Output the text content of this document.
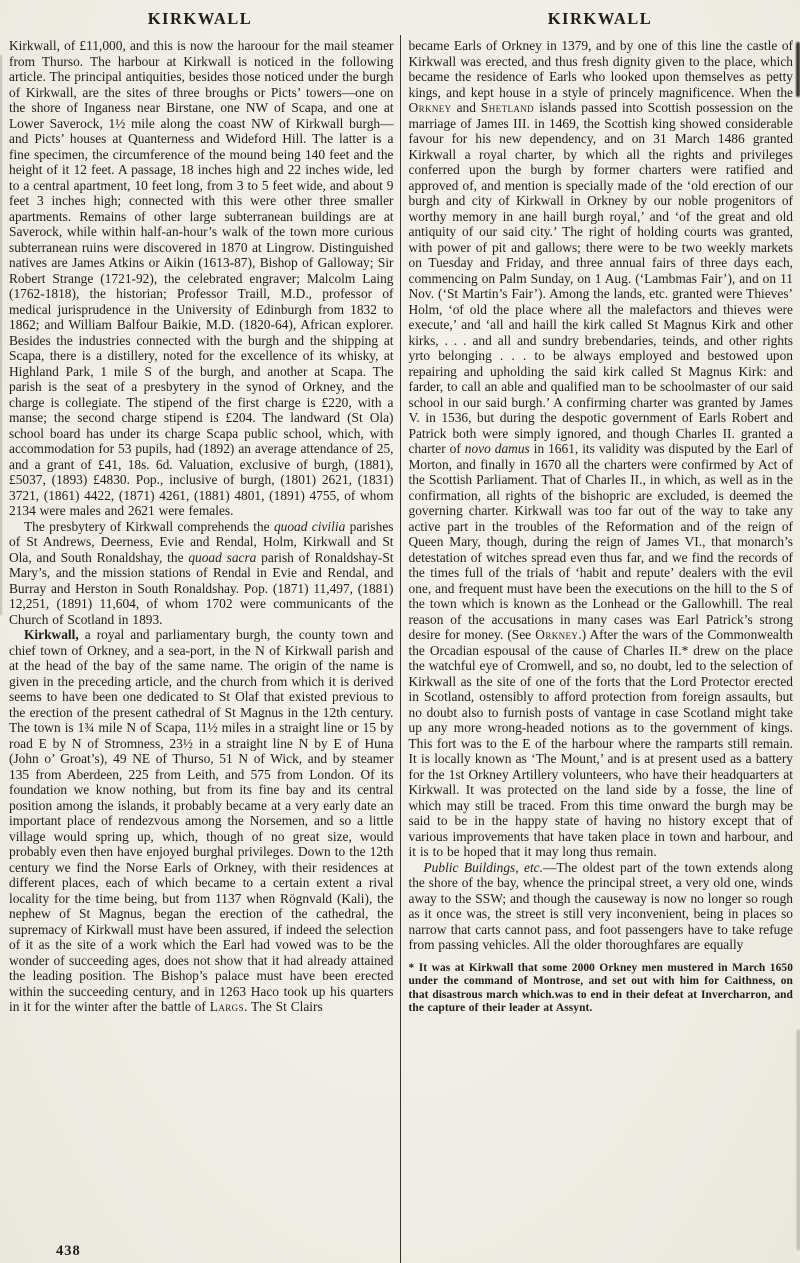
KIRKWALL	KIRKWALL

Kirkwall, of £11,000, and this is now the haroour for the mail steamer from Thurso. The harbour at Kirkwall is noticed in the following article. The principal antiquities, besides those noticed under the burgh of Kirkwall, are the sites of three broughs or Picts’ towers—one on the shore of Inganess near Birstane, one NW of Scapa, and one at Lower Saverock, 1½ mile along the coast NW of Kirkwall burgh—and Picts’ houses at Quanterness and Wideford Hill. The latter is a fine specimen, the circumference of the mound being 140 feet and the height of it 12 feet. A passage, 18 inches high and 22 inches wide, led to a central apartment, 10 feet long, from 3 to 5 feet wide, and about 9 feet 3 inches high; connected with this were other three smaller apartments. Remains of other large subterranean buildings are at Saverock, while within half-an-hour’s walk of the town more curious subterranean ruins were discovered in 1870 at Lingrow. Distinguished natives are James Atkins or Aikin (1613-87), Bishop of Galloway; Sir Robert Strange (1721-92), the celebrated engraver; Malcolm Laing (1762-1818), the historian; Professor Traill, M.D., professor of medical jurisprudence in the University of Edinburgh from 1832 to 1862; and William Balfour Baikie, M.D. (1820-64), African explorer. Besides the industries connected with the burgh and the shipping at Scapa, there is a distillery, noted for the excellence of its whisky, at Highland Park, 1 mile S of the burgh, and another at Scapa. The parish is the seat of a presbytery in the synod of Orkney, and the charge is collegiate. The stipend of the first charge is £220, with a manse; the second charge stipend is £204. The landward (St Ola) school board has under its charge Scapa public school, which, with accommodation for 53 pupils, had (1892) an average attendance of 25, and a grant of £41, 18s. 6d. Valuation, exclusive of burgh, (1881), £5037, (1893) £4830. Pop., inclusive of burgh, (1801) 2621, (1831) 3721, (1861) 4422, (1871) 4261, (1881) 4801, (1891) 4755, of whom 2134 were males and 2621 were females.

The presbytery of Kirkwall comprehends the quoad civilia parishes of St Andrews, Deerness, Evie and Rendal, Holm, Kirkwall and St Ola, and South Ronaldshay, the quoad sacra parish of Ronaldshay-St Mary’s, and the mission stations of Rendal in Evie and Rendal, and Burray and Herston in South Ronaldshay. Pop. (1871) 11,497, (1881) 12,251, (1891) 11,604, of whom 1702 were communicants of the Church of Scotland in 1893.

Kirkwall, a royal and parliamentary burgh, the county town and chief town of Orkney, and a sea-port, in the N of Kirkwall parish and at the head of the bay of the same name. The origin of the name is given in the preceding article, and the church from which it is derived seems to have been one dedicated to St Olaf that existed previous to the erection of the present cathedral of St Magnus in the 12th century. The town is 1¾ mile N of Scapa, 11½ miles in a straight line or 15 by road E by N of Stromness, 23½ in a straight line N by E of Huna (John o’ Groat’s), 49 NE of Thurso, 51 N of Wick, and by steamer 135 from Aberdeen, 225 from Leith, and 575 from London. Of its foundation we know nothing, but from its fine bay and its central position among the islands, it probably became at a very early date an important place of rendezvous among the Norsemen, and so a little village would spring up, which, though of no great size, would probably even then have enjoyed burghal privileges. Down to the 12th century we find the Norse Earls of Orkney, with their residences at different places, each of which became to a certain extent a rival locality for the time being, but from 1137 when Rögnvald (Kali), the nephew of St Magnus, began the erection of the cathedral, the supremacy of Kirkwall must have been assured, if indeed the selection of it as the site of a work which the Earl had vowed was to be the wonder of succeeding ages, does not show that it had already attained the leading position. The Bishop’s palace must have been erected within the succeeding century, and in 1263 Haco took up his quarters in it for the winter after the battle of Largs. The St Clairs

became Earls of Orkney in 1379, and by one of this line the castle of Kirkwall was erected, and thus fresh dignity given to the place, which became the residence of Earls who looked upon themselves as petty kings, and kept house in a style of princely magnificence. When the Orkney and Shetland islands passed into Scottish possession on the marriage of James III. in 1469, the Scottish king showed considerable favour for his new dependency, and on 31 March 1486 granted Kirkwall a royal charter, by which all the rights and privileges conferred upon the burgh by former charters were ratified and approved of, and mention is specially made of the ‘old erection of our burgh and city of Kirkwall in Orkney by our noble progenitors of worthy memory in ane haill burgh royal,’ and ‘of the great and old antiquity of our said city.’ The right of holding courts was granted, with power of pit and gallows; there were to be two weekly markets on Tuesday and Friday, and three annual fairs of three days each, commencing on Palm Sunday, on 1 Aug. (‘Lambmas Fair’), and on 11 Nov. (‘St Martin’s Fair’). Among the lands, etc. granted were Thieves’ Holm, ‘of old the place where all the malefactors and thieves were execute,’ and ‘all and haill the kirk called St Magnus Kirk and other kirks, . . . and all and sundry brebendaries, teinds, and other rights yrto belonging . . . to be always employed and bestowed upon repairing and upholding the said kirk called St Magnus Kirk: and farder, to call an able and qualified man to be schoolmaster of our said school in our said burgh.’ A confirming charter was granted by James V. in 1536, but during the despotic government of Earls Robert and Patrick both were simply ignored, and though Charles II. granted a charter of novo damus in 1661, its validity was disputed by the Earl of Morton, and finally in 1670 all the charters were confirmed by Act of the Scottish Parliament. That of Charles II., in which, as well as in the confirmation, all rights of the bishopric are excluded, is deemed the governing charter. Kirkwall was too far out of the way to take any active part in the troubles of the Reformation and of the reign of Queen Mary, though, during the reign of James VI., that monarch’s detestation of witches spread even thus far, and we find the records of the times full of the trials of ‘habit and repute’ dealers with the evil one, and frequent must have been the executions on the hill to the S of the town which is known as the Lonhead or the Gallowhill. The real reason of the accusations in many cases was Earl Patrick’s strong desire for money. (See Orkney.) After the wars of the Commonwealth the Orcadian espousal of the cause of Charles II.* drew on the place the watchful eye of Cromwell, and so, no doubt, led to the selection of Kirkwall as the site of one of the forts that the Lord Protector erected in Scotland, ostensibly to afford protection from foreign assaults, but no doubt also to furnish posts of vantage in case Scotland might take up any more wrong-headed notions as to the government of kings. This fort was to the E of the harbour where the ramparts still remain. It is locally known as ‘The Mount,’ and is at present used as a battery for the 1st Orkney Artillery volunteers, who have their headquarters at Kirkwall. It was protected on the land side by a fosse, the line of which may still be traced. From this time onward the burgh may be said to be in the happy state of having no history except that of various improvements that have taken place in town and harbour, and it is to be hoped that it may long thus remain.

Public Buildings, etc.—The oldest part of the town extends along the shore of the bay, whence the principal street, a very old one, winds away to the SSW; and though the causeway is now no longer so rough as it once was, the street is still very inconvenient, being in places so narrow that carts cannot pass, and foot passengers have to take refuge from passing vehicles. All the older thoroughfares are equally

* It was at Kirkwall that some 2000 Orkney men mustered in March 1650 under the command of Montrose, and set out with him for Caithness, on that disastrous march which.was to end in their defeat at Invercharron, and the capture of their leader at Assynt.

438
